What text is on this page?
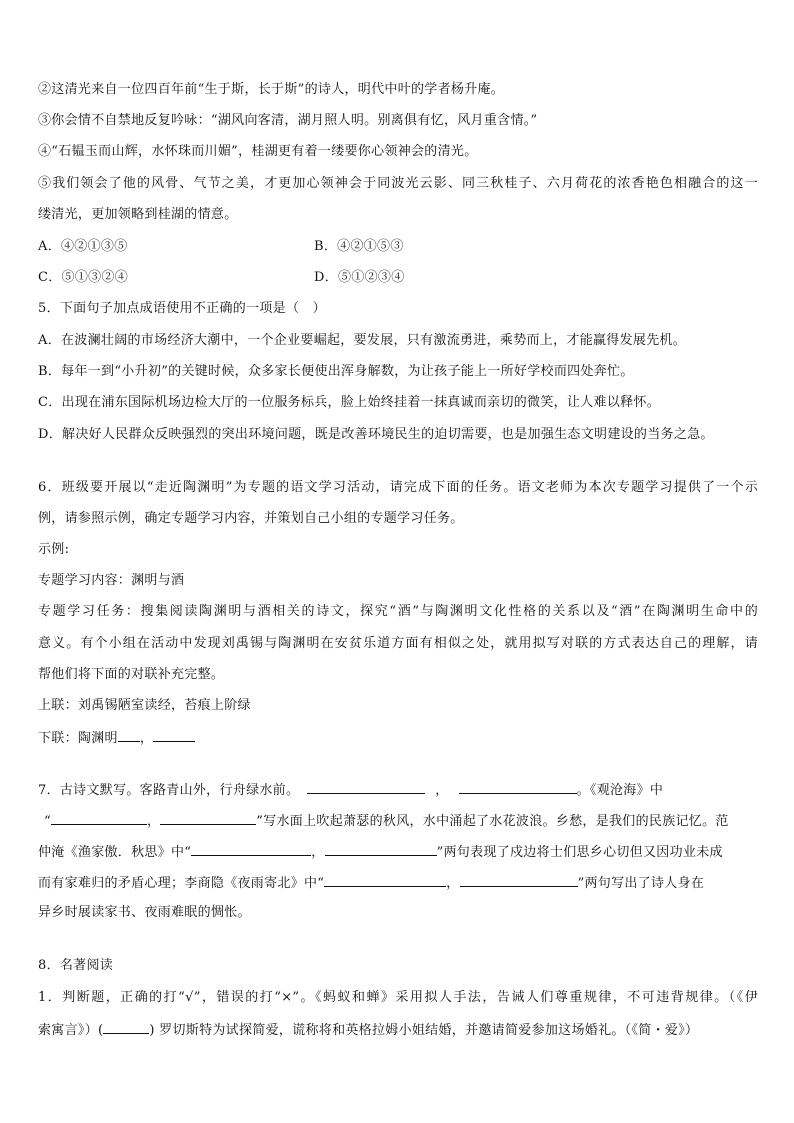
②这清光来自一位四百年前“生于斯，长于斯”的诗人，明代中叶的学者杨升庵。
③你会情不自禁地反复吟咏：“湖风向客清，湖月照人明。别离俱有忆，风月重含情。”
④“石韫玉而山辉，水怀珠而川媚”，桂湖更有着一缕要你心领神会的清光。
⑤我们领会了他的风骨、气节之美，才更加心领神会于同波光云影、同三秋桂子、六月荷花的浓香艳色相融合的这一
缕清光，更加领略到桂湖的情意。
A．④②①③⑤	B．④②①⑤③
C．⑤①③②④	D．⑤①②③④
5．下面句子加点成语使用不正确的一项是（　）
A．在波澜壮阔的市场经济大潮中，一个企业要崛起，要发展，只有激流勇进，乘势而上，才能赢得发展先机。
B．每年一到“小升初”的关键时候，众多家长便使出浑身解数，为让孩子能上一所好学校而四处奔忙。
C．出现在浦东国际机场边检大厅的一位服务标兵，脸上始终挂着一抹真诚而亲切的微笑，让人难以释怀。
D．解决好人民群众反映强烈的突出环境问题，既是改善环境民生的迫切需要，也是加强生态文明建设的当务之急。
6．班级要开展以“走近陶渊明”为专题的语文学习活动，请完成下面的任务。语文老师为本次专题学习提供了一个示
例，请参照示例，确定专题学习内容，并策划自己小组的专题学习任务。
示例:
专题学习内容：渊明与酒
专题学习任务：搜集阅读陶渊明与酒相关的诗文，探究“酒”与陶渊明文化性格的关系以及“酒”在陶渊明生命中的
意义。有个小组在活动中发现刘禹锡与陶渊明在安贫乐道方面有相似之处，就用拟写对联的方式表达自己的理解，请
帮他们将下面的对联补充完整。
上联：刘禹锡陋室读经，苔痕上阶绿
下联：陶渊明 ，
7．古诗文默写。客路青山外，行舟绿水前。	，	。《观沧海》中
“	，	”写水面上吹起萧瑟的秋风，水中涌起了水花波浪。乡愁，是我们的民族记忆。范
仲淹《渔家傲．秋思》中“	，	”两句表现了戍边将士们思乡心切但又因功业未成
而有家难归的矛盾心理；李商隐《夜雨寄北》中“	，	”两句写出了诗人身在
异乡时展读家书、夜雨难眠的惆怅。
8．名著阅读
1．判断题，正确的打“√”，错误的打“×”。《蚂蚁和蝉》采用拟人手法，告诫人们尊重规律，不可违背规律。（《伊
索寓言》）(	) 罗切斯特为试探简爱，谎称将和英格拉姆小姐结婚，并邀请简爱参加这场婚礼。（《简・爱》）
